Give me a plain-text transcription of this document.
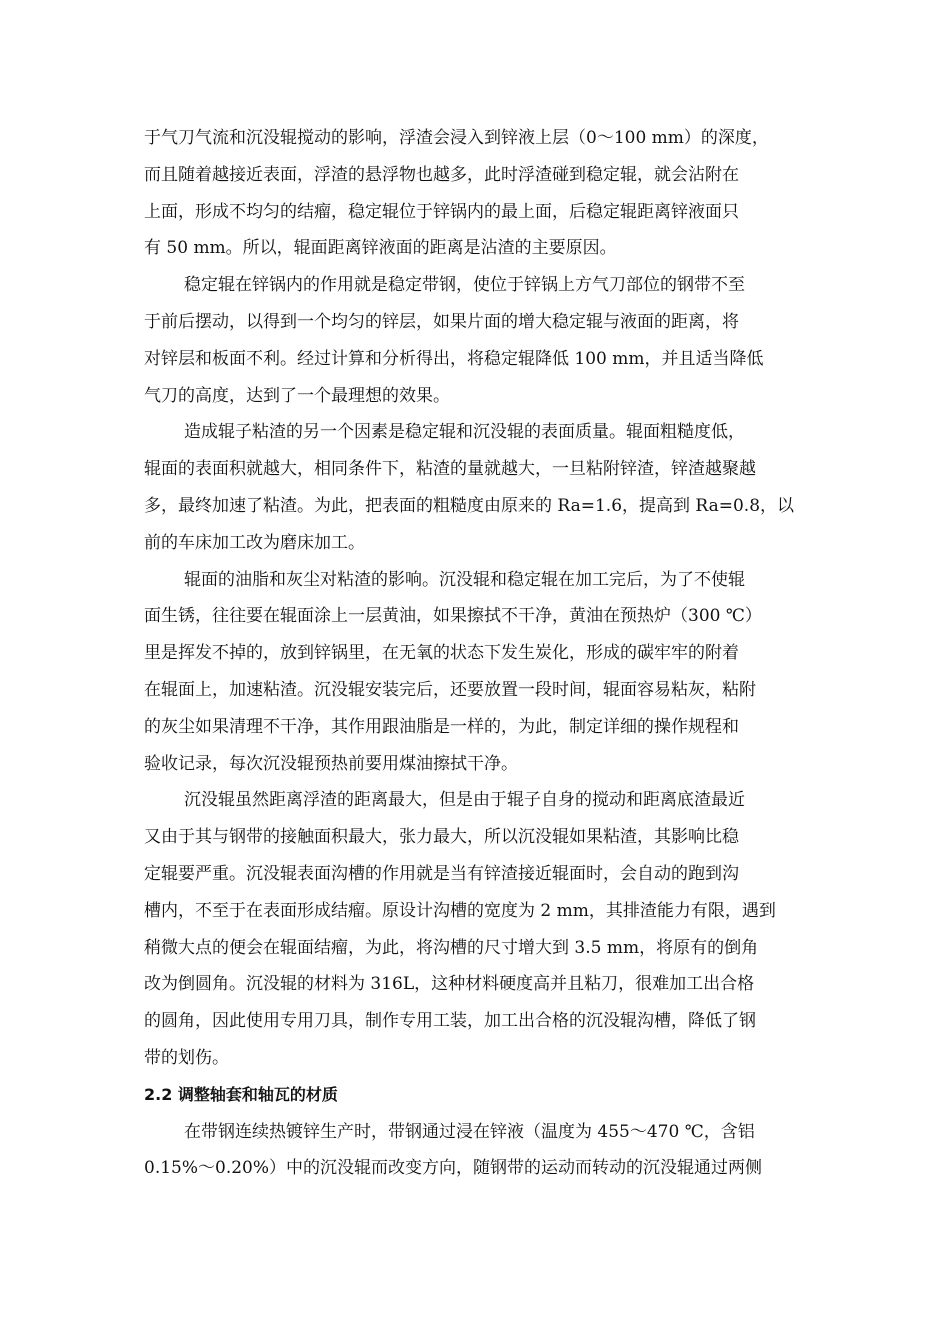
于气刀气流和沉没辊搅动的影响，浮渣会浸入到锌液上层（0～100 mm）的深度，
而且随着越接近表面，浮渣的悬浮物也越多，此时浮渣碰到稳定辊，就会沾附在
上面，形成不均匀的结瘤，稳定辊位于锌锅内的最上面，后稳定辊距离锌液面只
有 50 mm。所以，辊面距离锌液面的距离是沾渣的主要原因。

稳定辊在锌锅内的作用就是稳定带钢，使位于锌锅上方气刀部位的钢带不至
于前后摆动，以得到一个均匀的锌层，如果片面的增大稳定辊与液面的距离，将
对锌层和板面不利。经过计算和分析得出，将稳定辊降低 100 mm，并且适当降低
气刀的高度，达到了一个最理想的效果。

造成辊子粘渣的另一个因素是稳定辊和沉没辊的表面质量。辊面粗糙度低，
辊面的表面积就越大，相同条件下，粘渣的量就越大，一旦粘附锌渣，锌渣越聚越
多，最终加速了粘渣。为此，把表面的粗糙度由原来的 Ra=1.6，提高到 Ra=0.8，以
前的车床加工改为磨床加工。

辊面的油脂和灰尘对粘渣的影响。沉没辊和稳定辊在加工完后，为了不使辊
面生锈，往往要在辊面涂上一层黄油，如果擦拭不干净，黄油在预热炉（300 ℃）
里是挥发不掉的，放到锌锅里，在无氧的状态下发生炭化，形成的碳牢牢的附着
在辊面上，加速粘渣。沉没辊安装完后，还要放置一段时间，辊面容易粘灰，粘附
的灰尘如果清理不干净，其作用跟油脂是一样的，为此，制定详细的操作规程和
验收记录，每次沉没辊预热前要用煤油擦拭干净。

沉没辊虽然距离浮渣的距离最大，但是由于辊子自身的搅动和距离底渣最近
又由于其与钢带的接触面积最大，张力最大，所以沉没辊如果粘渣，其影响比稳
定辊要严重。沉没辊表面沟槽的作用就是当有锌渣接近辊面时，会自动的跑到沟
槽内，不至于在表面形成结瘤。原设计沟槽的宽度为 2 mm，其排渣能力有限，遇到
稍微大点的便会在辊面结瘤，为此，将沟槽的尺寸增大到 3.5 mm，将原有的倒角
改为倒圆角。沉没辊的材料为 316L，这种材料硬度高并且粘刀，很难加工出合格
的圆角，因此使用专用刀具，制作专用工装，加工出合格的沉没辊沟槽，降低了钢
带的划伤。

2.2 调整轴套和轴瓦的材质

在带钢连续热镀锌生产时，带钢通过浸在锌液（温度为 455～470 ℃，含铝
0.15%～0.20%）中的沉没辊而改变方向，随钢带的运动而转动的沉没辊通过两侧
